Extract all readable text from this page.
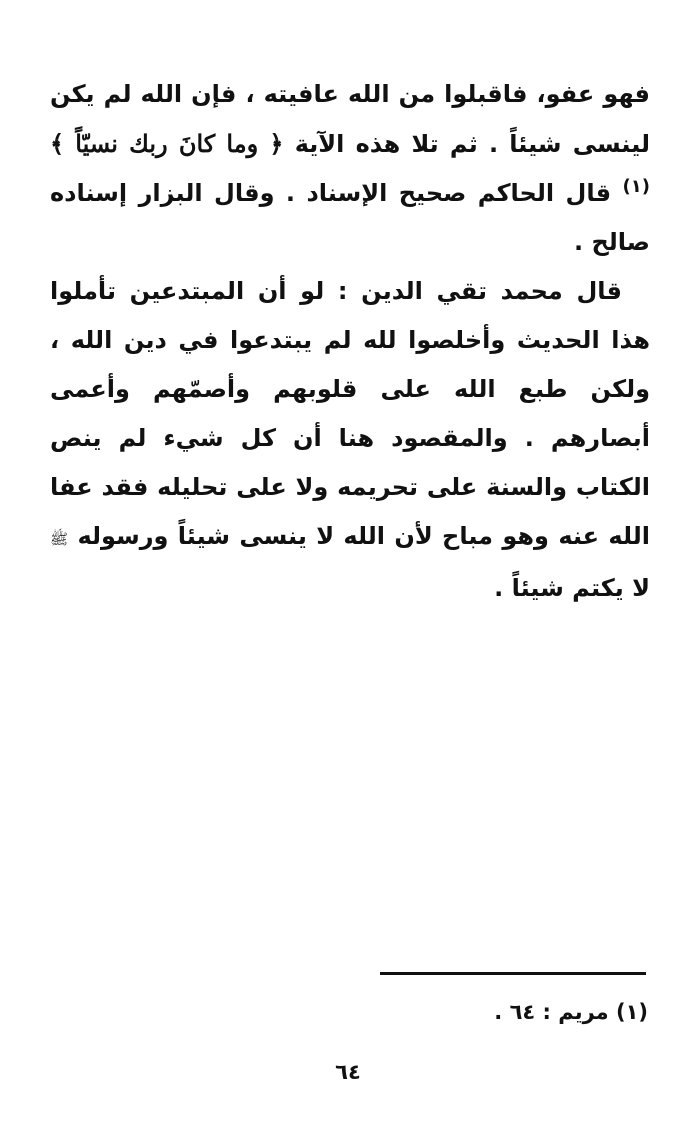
فهو عفو، فاقبلوا من الله عافيته ، فإن الله لم يكن لينسى شيئاً . ثم تلا هذه الآية ﴿ وما كانَ ربك نسيّاً ﴾ $^{(١)}$ قال الحاكم صحيح الإسناد . وقال البزار إسناده صالح .

قال محمد تقي الدين : لو أن المبتدعين تأملوا هذا الحديث وأخلصوا لله لم يبتدعوا في دين الله ، ولكن طبع الله على قلوبهم وأصمّهم وأعمى أبصارهم . والمقصود هنا أن كل شيء لم ينص الكتاب والسنة على تحريمه ولا على تحليله فقد عفا الله عنه وهو مباح لأن الله لا ينسى شيئاً ورسوله ﷺ لا يكتم شيئاً .

(١) مريم : ٦٤ .
٦٤
